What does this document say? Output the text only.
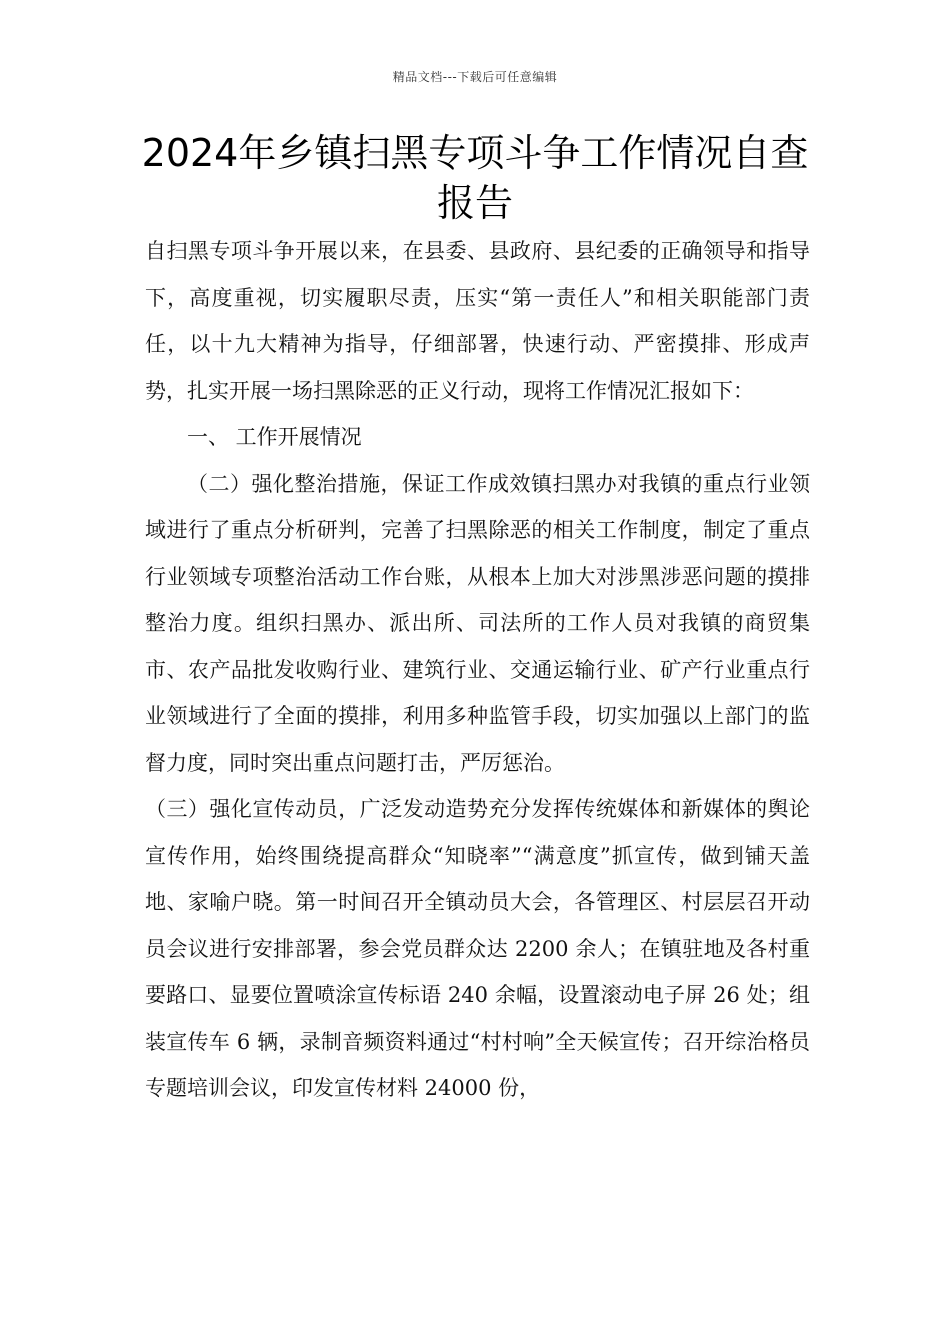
精品文档---下载后可任意编辑
2024年乡镇扫黑专项斗争工作情况自查报告

自扫黑专项斗争开展以来，在县委、县政府、县纪委的正确领导和指导下，高度重视，切实履职尽责，压实“第一责任人”和相关职能部门责任，以十九大精神为指导，仔细部署，快速行动、严密摸排、形成声势，扎实开展一场扫黑除恶的正义行动，现将工作情况汇报如下：

一、 工作开展情况

（二）强化整治措施，保证工作成效镇扫黑办对我镇的重点行业领域进行了重点分析研判，完善了扫黑除恶的相关工作制度，制定了重点行业领域专项整治活动工作台账，从根本上加大对涉黑涉恶问题的摸排整治力度。组织扫黑办、派出所、司法所的工作人员对我镇的商贸集市、农产品批发收购行业、建筑行业、交通运输行业、矿产行业重点行业领域进行了全面的摸排，利用多种监管手段，切实加强以上部门的监督力度，同时突出重点问题打击，严厉惩治。

（三）强化宣传动员，广泛发动造势充分发挥传统媒体和新媒体的舆论宣传作用，始终围绕提高群众“知晓率”“满意度”抓宣传，做到铺天盖地、家喻户晓。第一时间召开全镇动员大会，各管理区、村层层召开动员会议进行安排部署，参会党员群众达 2200 余人；在镇驻地及各村重要路口、显要位置喷涂宣传标语 240 余幅，设置滚动电子屏 26 处；组装宣传车 6 辆，录制音频资料通过“村村响”全天候宣传；召开综治格员专题培训会议，印发宣传材料 24000 份，
